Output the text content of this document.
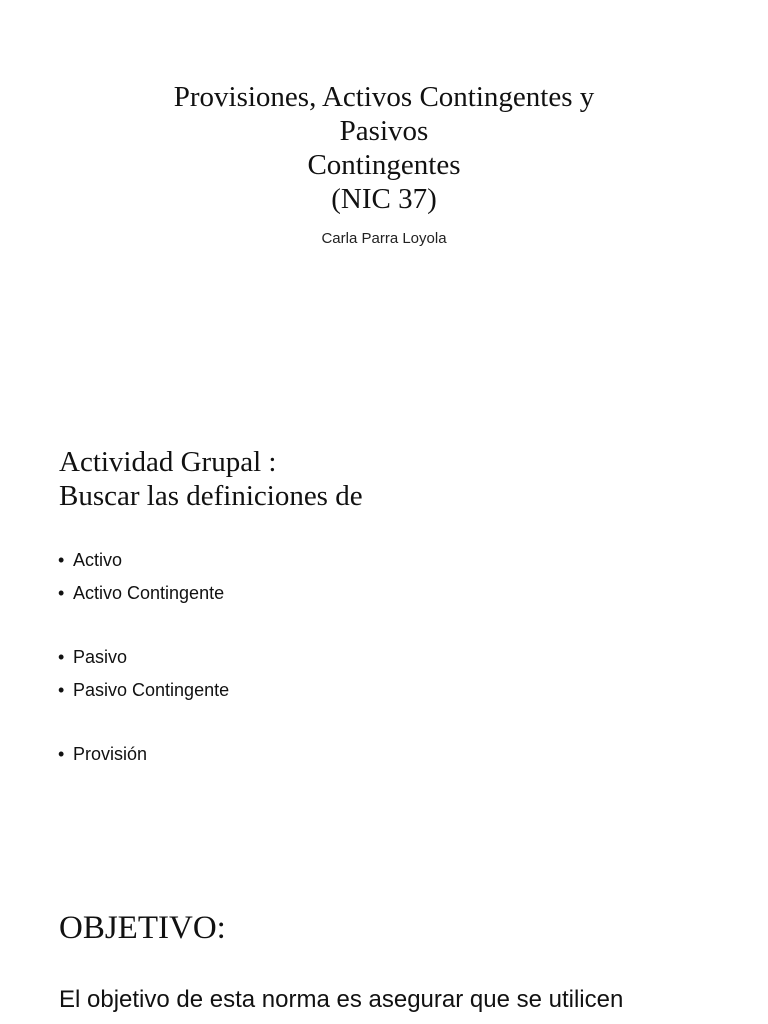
Provisiones, Activos Contingentes y
Pasivos
Contingentes
(NIC 37)
Carla Parra Loyola
Actividad Grupal :
Buscar las definiciones de
• Activo
• Activo Contingente
• Pasivo
• Pasivo Contingente
• Provisión
OBJETIVO:
El objetivo de esta norma es asegurar que se utilicen
